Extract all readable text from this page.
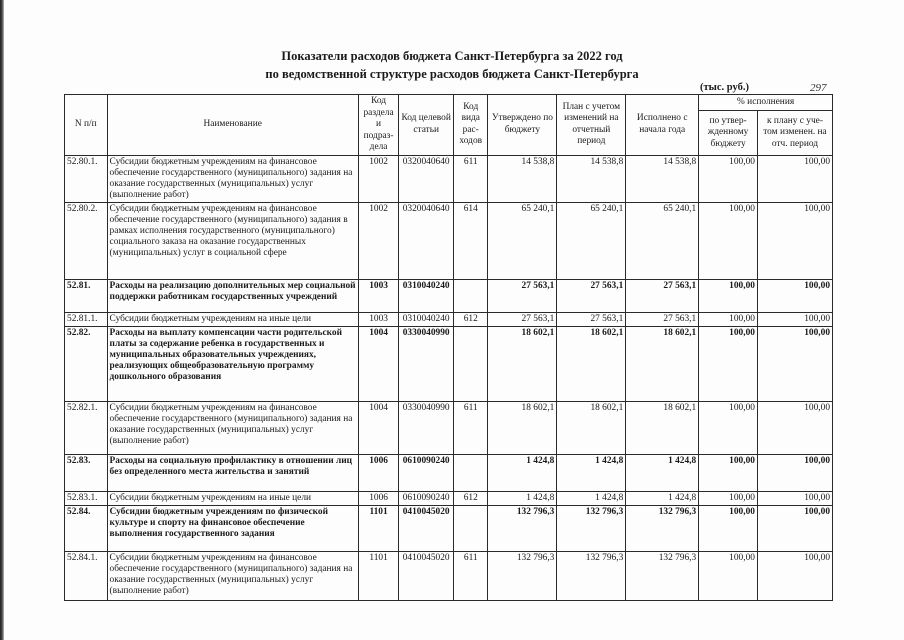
Показатели расходов бюджета Санкт-Петербурга за 2022 год
по ведомственной структуре расходов бюджета Санкт-Петербурга
(тыс. руб.)	297
N п/п	Наименование	Код раздела и подраз-дела	Код целевой статьи	Код вида рас-ходов	Утверждено по бюджету	План с учетом изменений на отчетный период	Исполнено с начала года	% исполнения	
								по утвер-жденному бюджету	к плану с уче-том изменен. на отч. период
52.80.1.	Субсидии бюджетным учреждениям на финансовое обеспечение государственного (муниципального) задания на оказание государственных (муниципальных) услуг (выполнение работ)	1002	0320040640	611	14 538,8	14 538,8	14 538,8	100,00	100,00
52.80.2.	Субсидии бюджетным учреждениям на финансовое обеспечение государственного (муниципального) задания в рамках исполнения государственного (муниципального) социального заказа на оказание государственных (муниципальных) услуг в социальной сфере	1002	0320040640	614	65 240,1	65 240,1	65 240,1	100,00	100,00
52.81.	Расходы на реализацию дополнительных мер социальной поддержки работникам государственных учреждений	1003	0310040240		27 563,1	27 563,1	27 563,1	100,00	100,00
52.81.1.	Субсидии бюджетным учреждениям на иные цели	1003	0310040240	612	27 563,1	27 563,1	27 563,1	100,00	100,00
52.82.	Расходы на выплату компенсации части родительской платы за содержание ребенка в государственных и муниципальных образовательных учреждениях, реализующих общеобразовательную программу дошкольного образования	1004	0330040990		18 602,1	18 602,1	18 602,1	100,00	100,00
52.82.1.	Субсидии бюджетным учреждениям на финансовое обеспечение государственного (муниципального) задания на оказание государственных (муниципальных) услуг (выполнение работ)	1004	0330040990	611	18 602,1	18 602,1	18 602,1	100,00	100,00
52.83.	Расходы на социальную профилактику в отношении лиц без определенного места жительства и занятий	1006	0610090240		1 424,8	1 424,8	1 424,8	100,00	100,00
52.83.1.	Субсидии бюджетным учреждениям на иные цели	1006	0610090240	612	1 424,8	1 424,8	1 424,8	100,00	100,00
52.84.	Субсидии бюджетным учреждениям по физической культуре и спорту на финансовое обеспечение выполнения государственного задания	1101	0410045020		132 796,3	132 796,3	132 796,3	100,00	100,00
52.84.1.	Субсидии бюджетным учреждениям на финансовое обеспечение государственного (муниципального) задания на оказание государственных (муниципальных) услуг (выполнение работ)	1101	0410045020	611	132 796,3	132 796,3	132 796,3	100,00	100,00
